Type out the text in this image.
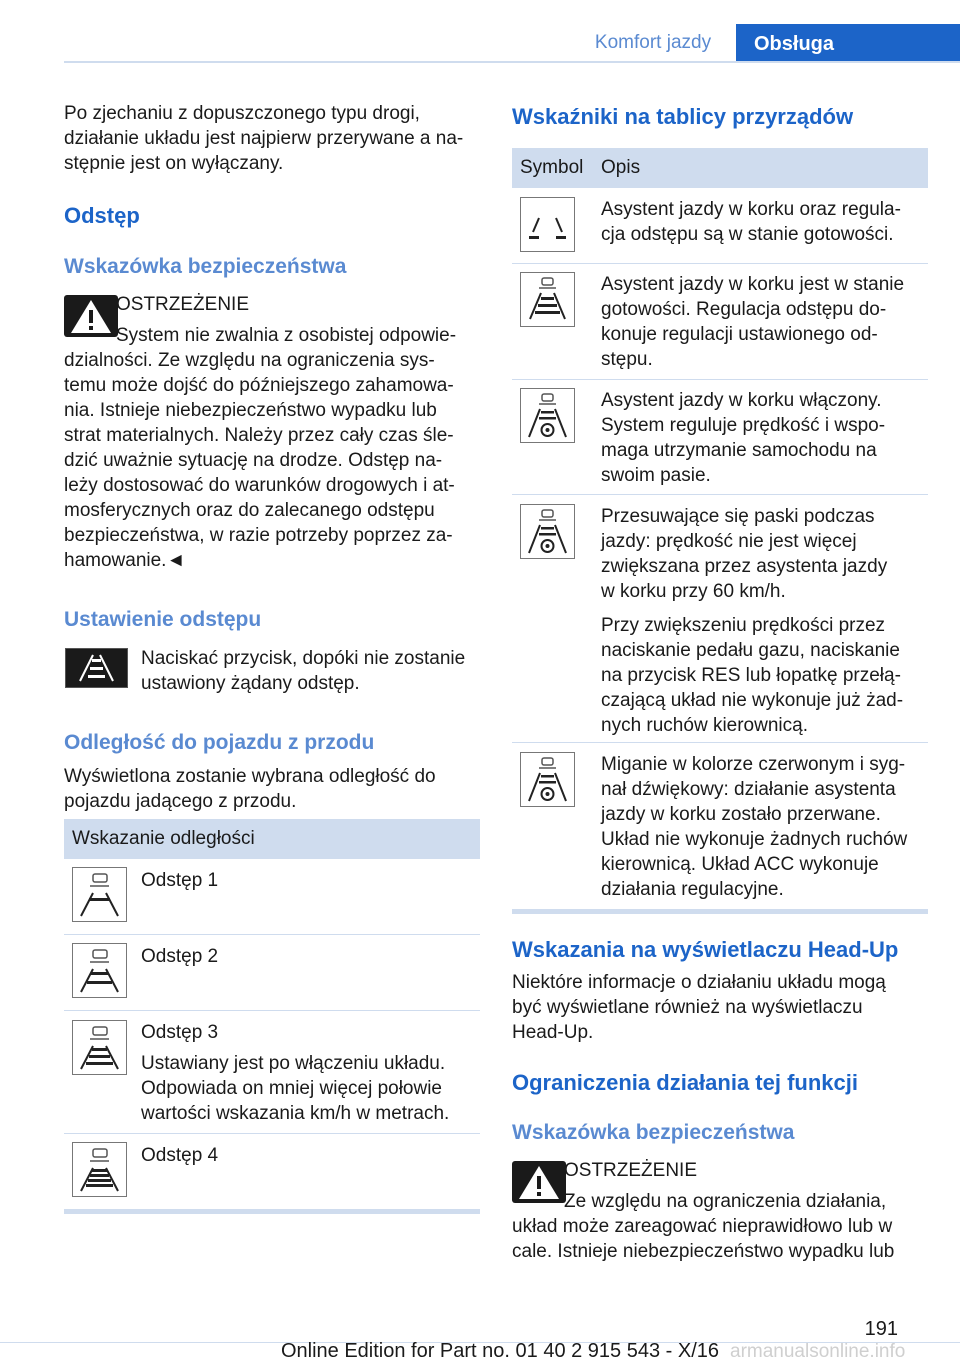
Komfort jazdy	Obsługa
Po zjechaniu z dopuszczonego typu drogi,
działanie układu jest najpierw przerywane a na-
stępnie jest on wyłączany.
Odstęp
Wskazówka bezpieczeństwa
OSTRZEŻENIE
System nie zwalnia z osobistej odpowie-
dzialności. Ze względu na ograniczenia sys-
temu może dojść do późniejszego zahamowa-
nia. Istnieje niebezpieczeństwo wypadku lub
strat materialnych. Należy przez cały czas śle-
dzić uważnie sytuację na drodze. Odstęp na-
leży dostosować do warunków drogowych i at-
mosferycznych oraz do zalecanego odstępu
bezpieczeństwa, w razie potrzeby poprzez za-
hamowanie.◄
Ustawienie odstępu
Naciskać przycisk, dopóki nie zostanie
ustawiony żądany odstęp.
Odległość do pojazdu z przodu
Wyświetlona zostanie wybrana odległość do
pojazdu jadącego z przodu.
Wskazanie odległości
Odstęp 1
Odstęp 2
Odstęp 3
Ustawiany jest po włączeniu układu.
Odpowiada on mniej więcej połowie
wartości wskazania km/h w metrach.
Odstęp 4
Wskaźniki na tablicy przyrządów
Symbol Opis
Asystent jazdy w korku oraz regula-
cja odstępu są w stanie gotowości.
Asystent jazdy w korku jest w stanie
gotowości. Regulacja odstępu do-
konuje regulacji ustawionego od-
stępu.
Asystent jazdy w korku włączony.
System reguluje prędkość i wspo-
maga utrzymanie samochodu na
swoim pasie.
Przesuwające się paski podczas
jazdy: prędkość nie jest więcej
zwiększana przez asystenta jazdy
w korku przy 60 km/h.
Przy zwiększeniu prędkości przez
naciskanie pedału gazu, naciskanie
na przycisk RES lub łopatkę przełą-
czającą układ nie wykonuje już żad-
nych ruchów kierownicą.
Miganie w kolorze czerwonym i syg-
nał dźwiękowy: działanie asystenta
jazdy w korku zostało przerwane.
Układ nie wykonuje żadnych ruchów
kierownicą. Układ ACC wykonuje
działania regulacyjne.
Wskazania na wyświetlaczu Head-Up
Niektóre informacje o działaniu układu mogą
być wyświetlane również na wyświetlaczu
Head-Up.
Ograniczenia działania tej funkcji
Wskazówka bezpieczeństwa
OSTRZEŻENIE
Ze względu na ograniczenia działania,
układ może zareagować nieprawidłowo lub w
cale. Istnieje niebezpieczeństwo wypadku lub
191
Online Edition for Part no. 01 40 2 915 543 - X/16 armanualsonline.info
